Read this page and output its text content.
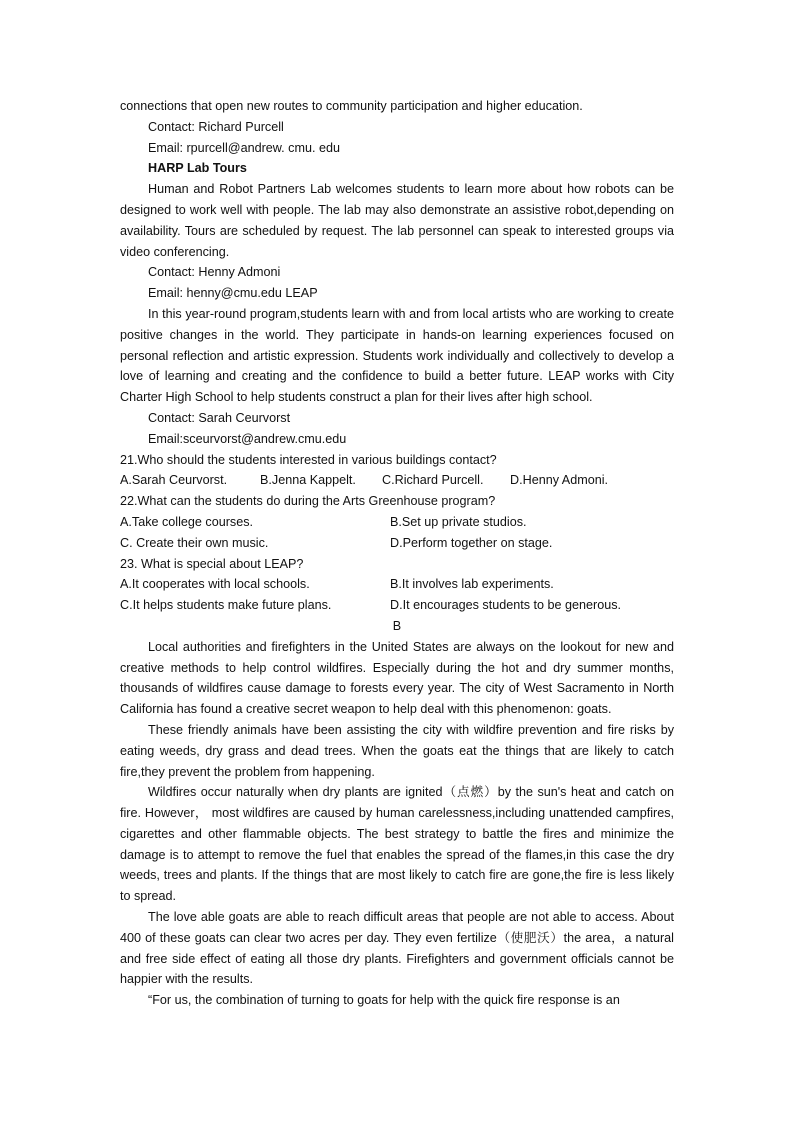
connections that open new routes to community participation and higher education.

Contact: Richard Purcell

Email: rpurcell@andrew. cmu. edu

HARP Lab Tours

Human and Robot Partners Lab welcomes students to learn more about how robots can be designed to work well with people. The lab may also demonstrate an assistive robot,depending on availability. Tours are scheduled by request. The lab personnel can speak to interested groups via video conferencing.

Contact: Henny Admoni

Email: henny@cmu.edu LEAP

In this year-round program,students learn with and from local artists who are working to create positive changes in the world. They participate in hands-on learning experiences focused on personal reflection and artistic expression. Students work individually and collectively to develop a love of learning and creating and the confidence to build a better future. LEAP works with City Charter High School to help students construct a plan for their lives after high school.

Contact: Sarah Ceurvorst

Email:sceurvorst@andrew.cmu.edu

21.Who should the students interested in various buildings contact?

A.Sarah Ceurvorst.	B.Jenna Kappelt.	C.Richard Purcell.	D.Henny Admoni.

22.What can the students do during the Arts Greenhouse program?

A.Take college courses.	B.Set up private studios.
C. Create their own music.	D.Perform together on stage.

23. What is special about LEAP?

A.It cooperates with local schools.	B.It involves lab experiments.
C.It helps students make future plans.	D.It encourages students to be generous.

B

Local authorities and firefighters in the United States are always on the lookout for new and creative methods to help control wildfires. Especially during the hot and dry summer months, thousands of wildfires cause damage to forests every year. The city of West Sacramento in North California has found a creative secret weapon to help deal with this phenomenon: goats.

These friendly animals have been assisting the city with wildfire prevention and fire risks by eating weeds, dry grass and dead trees. When the goats eat the things that are likely to catch fire,they prevent the problem from happening.

Wildfires occur naturally when dry plants are ignited（点燃）by the sun's heat and catch on fire. However， most wildfires are caused by human carelessness,including unattended campfires, cigarettes and other flammable objects. The best strategy to battle the fires and minimize the damage is to attempt to remove the fuel that enables the spread of the flames,in this case the dry weeds, trees and plants. If the things that are most likely to catch fire are gone,the fire is less likely to spread.

The love able goats are able to reach difficult areas that people are not able to access. About 400 of these goats can clear two acres per day. They even fertilize（使肥沃）the area，a natural and free side effect of eating all those dry plants. Firefighters and government officials cannot be happier with the results.

“For us, the combination of turning to goats for help with the quick fire response is an
